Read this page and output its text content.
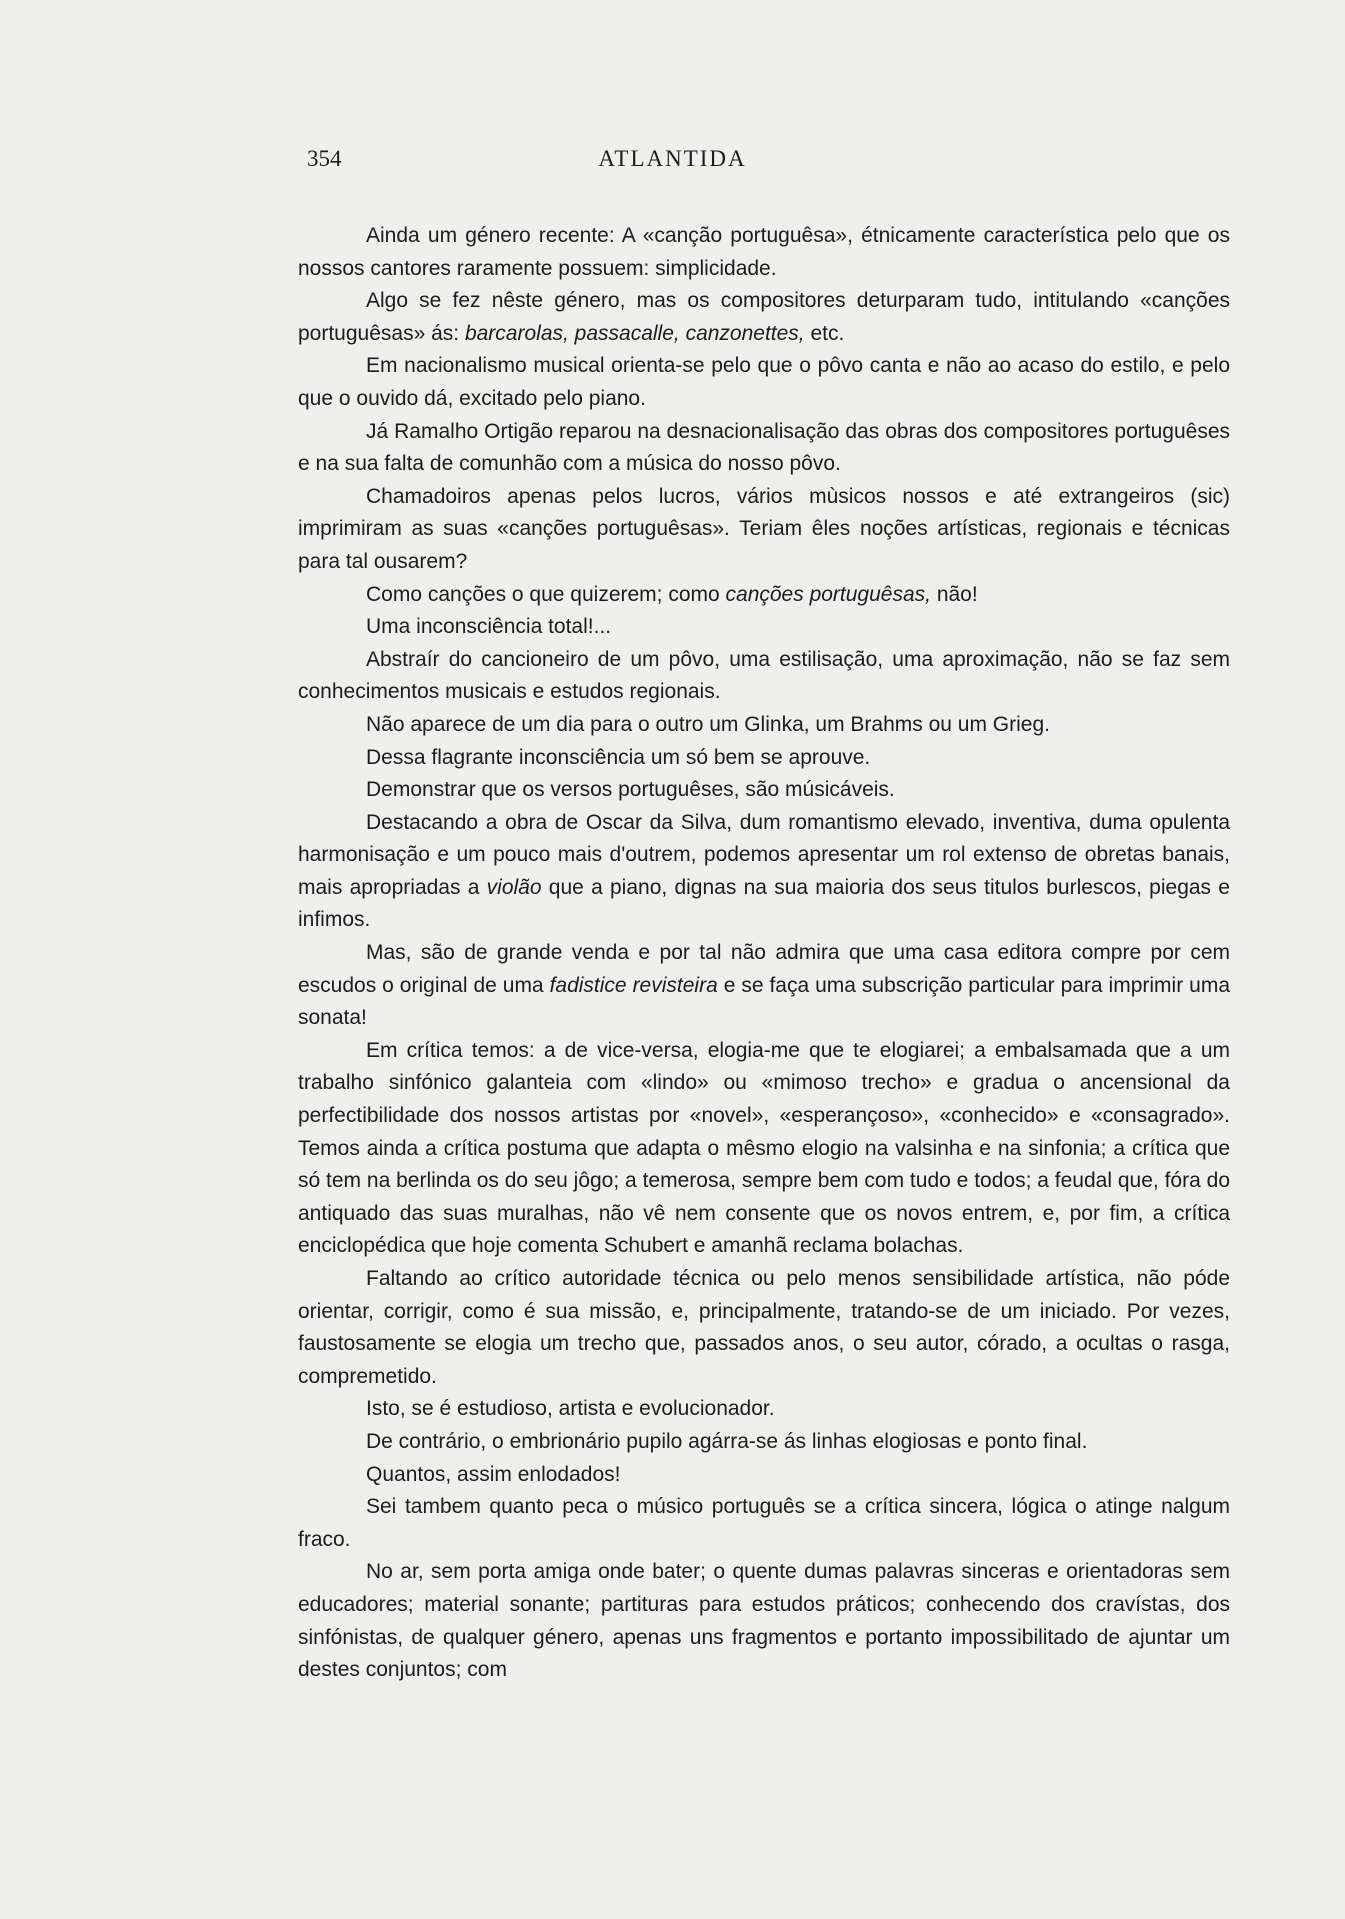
354	ATLANTIDA

Ainda um género recente: A «canção portuguêsa», étnicamente característica pelo que os nossos cantores raramente possuem: simplicidade.

Algo se fez nêste género, mas os compositores deturparam tudo, intitulando «canções portuguêsas» ás: barcarolas, passacalle, canzonettes, etc.

Em nacionalismo musical orienta-se pelo que o pôvo canta e não ao acaso do estilo, e pelo que o ouvido dá, excitado pelo piano.

Já Ramalho Ortigão reparou na desnacionalisação das obras dos compositores portuguêses e na sua falta de comunhão com a música do nosso pôvo.

Chamadoiros apenas pelos lucros, vários mùsicos nossos e até extrangeiros (sic) imprimiram as suas «canções portuguêsas». Teriam êles noções artísticas, regionais e técnicas para tal ousarem?

Como canções o que quizerem; como canções portuguêsas, não!

Uma inconsciência total!...

Abstraír do cancioneiro de um pôvo, uma estilisação, uma aproximação, não se faz sem conhecimentos musicais e estudos regionais.

Não aparece de um dia para o outro um Glinka, um Brahms ou um Grieg.

Dessa flagrante inconsciência um só bem se aprouve.

Demonstrar que os versos portuguêses, são músicáveis.

Destacando a obra de Oscar da Silva, dum romantismo elevado, inventiva, duma opulenta harmonisação e um pouco mais d'outrem, podemos apresentar um rol extenso de obretas banais, mais apropriadas a violão que a piano, dignas na sua maioria dos seus titulos burlescos, piegas e infimos.

Mas, são de grande venda e por tal não admira que uma casa editora compre por cem escudos o original de uma fadistice revisteira e se faça uma subscrição particular para imprimir uma sonata!

Em crítica temos: a de vice-versa, elogia-me que te elogiarei; a embalsamada que a um trabalho sinfónico galanteia com «lindo» ou «mimoso trecho» e gradua o ancensional da perfectibilidade dos nossos artistas por «novel», «esperançoso», «conhecido» e «consagrado». Temos ainda a crítica postuma que adapta o mêsmo elogio na valsinha e na sinfonia; a crítica que só tem na berlinda os do seu jôgo; a temerosa, sempre bem com tudo e todos; a feudal que, fóra do antiquado das suas muralhas, não vê nem consente que os novos entrem, e, por fim, a crítica enciclopédica que hoje comenta Schubert e amanhã reclama bolachas.

Faltando ao crítico autoridade técnica ou pelo menos sensibilidade artística, não póde orientar, corrigir, como é sua missão, e, principalmente, tratando-se de um iniciado. Por vezes, faustosamente se elogia um trecho que, passados anos, o seu autor, córado, a ocultas o rasga, compremetido.

Isto, se é estudioso, artista e evolucionador.

De contrário, o embrionário pupilo agárra-se ás linhas elogiosas e ponto final.

Quantos, assim enlodados!

Sei tambem quanto peca o músico português se a crítica sincera, lógica o atinge nalgum fraco.

No ar, sem porta amiga onde bater; o quente dumas palavras sinceras e orientadoras sem educadores; material sonante; partituras para estudos práticos; conhecendo dos cravístas, dos sinfónistas, de qualquer género, apenas uns fragmentos e portanto impossibilitado de ajuntar um destes conjuntos; com
